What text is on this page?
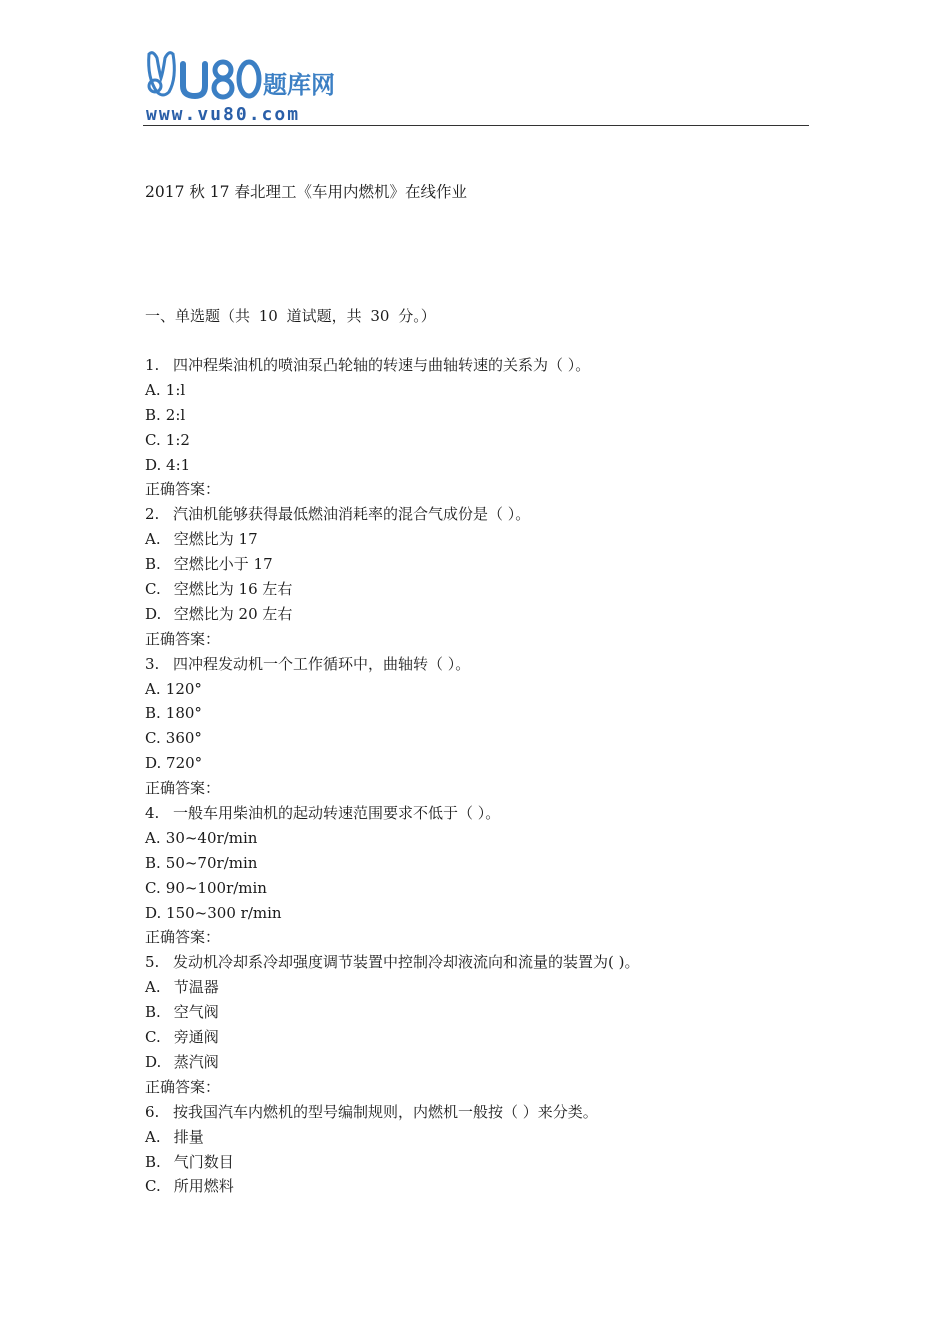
题库网
www.vu80.com
2017 秋 17 春北理工《车用内燃机》在线作业
一、单选题（共 10 道试题，共 30 分。）
1. 四冲程柴油机的喷油泵凸轮轴的转速与曲轴转速的关系为（ ）。
A. 1:l
B. 2:l
C. 1:2
D. 4:1
正确答案：
2. 汽油机能够获得最低燃油消耗率的混合气成份是（ ）。
A. 空燃比为 17
B. 空燃比小于 17
C. 空燃比为 16 左右
D. 空燃比为 20 左右
正确答案：
3. 四冲程发动机一个工作循环中，曲轴转（ ）。
A. 120°
B. 180°
C. 360°
D. 720°
正确答案：
4. 一般车用柴油机的起动转速范围要求不低于（ ）。
A. 30~40r/min
B. 50~70r/min
C. 90~100r/min
D. 150~300 r/min
正确答案：
5. 发动机冷却系冷却强度调节装置中控制冷却液流向和流量的装置为( )。
A. 节温器
B. 空气阀
C. 旁通阀
D. 蒸汽阀
正确答案：
6. 按我国汽车内燃机的型号编制规则，内燃机一般按（ ）来分类。
A. 排量
B. 气门数目
C. 所用燃料
